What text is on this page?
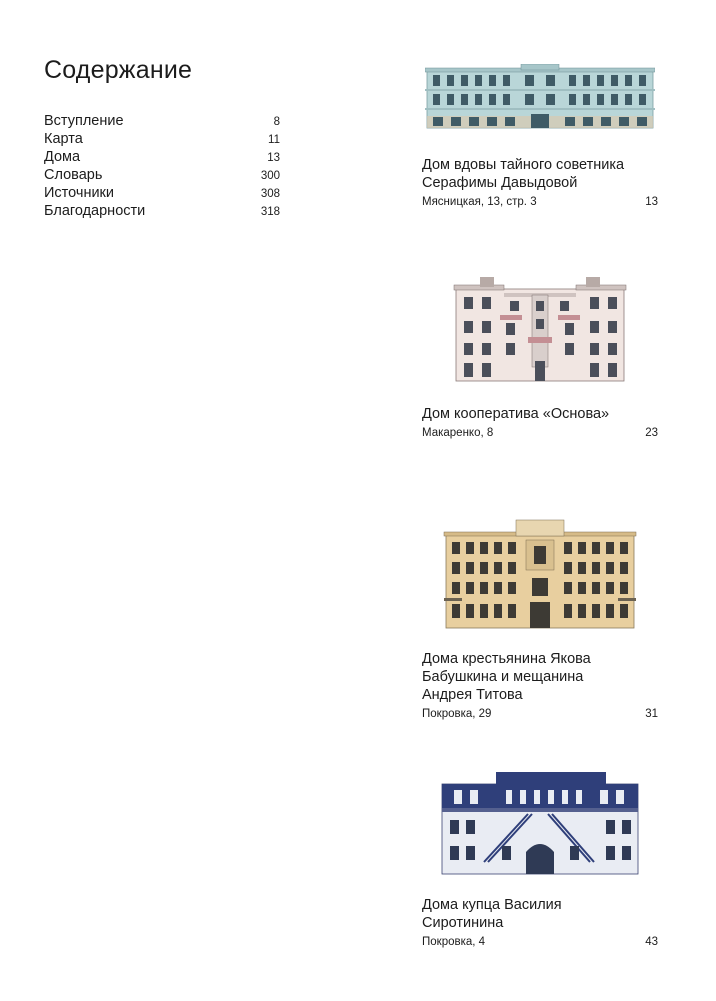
Содержание
Вступление	8
Карта	11
Дома	13
Словарь	300
Источники	308
Благодарности	318
Дом вдовы тайного советника
Серафимы Давыдовой
Мясницкая, 13, стр. 3	13
Дом кооператива «Основа»
Макаренко, 8	23
Дома крестьянина Якова
Бабушкина и мещанина
Андрея Титова
Покровка, 29	31
Дома купца Василия
Сиротинина
Покровка, 4	43
